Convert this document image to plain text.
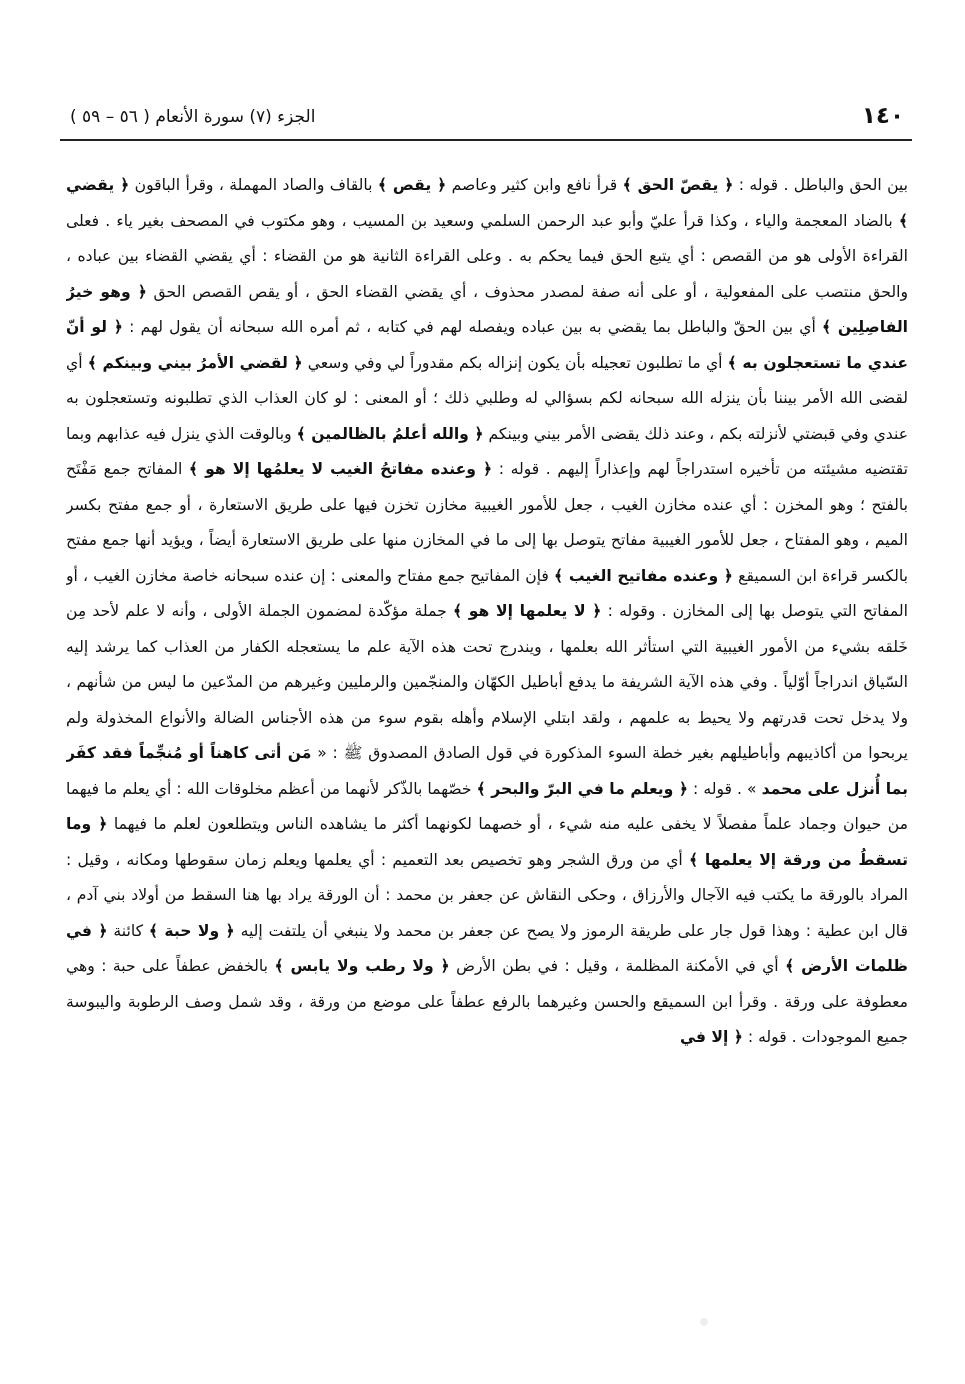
١٤٠
الجزء (٧) سورة الأنعام ( ٥٦ – ٥٩ )
بين الحق والباطل . قوله : ﴿ يقصّ الحق ﴾ قرأ نافع وابن كثير وعاصم ﴿ يقص ﴾ بالقاف والصاد المهملة ، وقرأ الباقون ﴿ يقضي ﴾ بالضاد المعجمة والياء ، وكذا قرأ عليّ وأبو عبد الرحمن السلمي وسعيد بن المسيب ، وهو مكتوب في المصحف بغير ياء . فعلى القراءة الأولى هو من القصص : أي يتبع الحق فيما يحكم به . وعلى القراءة الثانية هو من القضاء : أي يقضي القضاء بين عباده ، والحق منتصب على المفعولية ، أو على أنه صفة لمصدر محذوف ، أي يقضي القضاء الحق ، أو يقص القصص الحق ﴿ وهو خيرُ الفاصِلِين ﴾ أي بين الحقّ والباطل بما يقضي به بين عباده ويفصله لهم في كتابه ، ثم أمره الله سبحانه أن يقول لهم : ﴿ لو أنّ عندي ما تستعجلون به ﴾ أي ما تطلبون تعجيله بأن يكون إنزاله بكم مقدوراً لي وفي وسعي ﴿ لقضي الأمرُ بيني وبينكم ﴾ أي لقضى الله الأمر بيننا بأن ينزله الله سبحانه لكم بسؤالي له وطلبي ذلك ؛ أو المعنى : لو كان العذاب الذي تطلبونه وتستعجلون به عندي وفي قبضتي لأنزلته بكم ، وعند ذلك يقضى الأمر بيني وبينكم ﴿ والله أعلمُ بالظالمين ﴾ وبالوقت الذي ينزل فيه عذابهم وبما تقتضيه مشيئته من تأخيره استدراجاً لهم وإعذاراً إليهم . قوله : ﴿ وعنده مفاتحُ الغيب لا يعلمُها إلا هو ﴾ المفاتح جمع مَفْتَح بالفتح ؛ وهو المخزن : أي عنده مخازن الغيب ، جعل للأمور الغيبية مخازن تخزن فيها على طريق الاستعارة ، أو جمع مفتح بكسر الميم ، وهو المفتاح ، جعل للأمور الغيبية مفاتح يتوصل بها إلى ما في المخازن منها على طريق الاستعارة أيضاً ، ويؤيد أنها جمع مفتح بالكسر قراءة ابن السميقع ﴿ وعنده مفاتيح الغيب ﴾ فإن المفاتيح جمع مفتاح والمعنى : إن عنده سبحانه خاصة مخازن الغيب ، أو المفاتح التي يتوصل بها إلى المخازن . وقوله : ﴿ لا يعلمها إلا هو ﴾ جملة مؤكّدة لمضمون الجملة الأولى ، وأنه لا علم لأحد مِن خَلقه بشيء من الأمور الغيبية التي استأثر الله بعلمها ، ويندرج تحت هذه الآية علم ما يستعجله الكفار من العذاب كما يرشد إليه السّياق اندراجاً أوّلياً . وفي هذه الآية الشريفة ما يدفع أباطيل الكهّان والمنجّمين والرمليين وغيرهم من المدّعين ما ليس من شأنهم ، ولا يدخل تحت قدرتهم ولا يحيط به علمهم ، ولقد ابتلي الإسلام وأهله بقوم سوء من هذه الأجناس الضالة والأنواع المخذولة ولم يربحوا من أكاذيبهم وأباطيلهم بغير خطة السوء المذكورة في قول الصادق المصدوق ﷺ : « مَن أتى كاهناً أو مُنجِّماً فقد كفَر بما أُنزل على محمد » . قوله : ﴿ ويعلم ما في البرّ والبحر ﴾ خصّهما بالذّكر لأنهما من أعظم مخلوقات الله : أي يعلم ما فيهما من حيوان وجماد علماً مفصلاً لا يخفى عليه منه شيء ، أو خصهما لكونهما أكثر ما يشاهده الناس ويتطلعون لعلم ما فيهما ﴿ وما تسقطُ من ورقة إلا يعلمها ﴾ أي من ورق الشجر وهو تخصيص بعد التعميم : أي يعلمها ويعلم زمان سقوطها ومكانه ، وقيل : المراد بالورقة ما يكتب فيه الآجال والأرزاق ، وحكى النقاش عن جعفر بن محمد : أن الورقة يراد بها هنا السقط من أولاد بني آدم ، قال ابن عطية : وهذا قول جار على طريقة الرموز ولا يصح عن جعفر بن محمد ولا ينبغي أن يلتفت إليه ﴿ ولا حبة ﴾ كائنة ﴿ في ظلمات الأرض ﴾ أي في الأمكنة المظلمة ، وقيل : في بطن الأرض ﴿ ولا رطب ولا يابس ﴾ بالخفض عطفاً على حبة : وهي معطوفة على ورقة . وقرأ ابن السميقع والحسن وغيرهما بالرفع عطفاً على موضع من ورقة ، وقد شمل وصف الرطوبة واليبوسة جميع الموجودات . قوله : ﴿ إلا في
